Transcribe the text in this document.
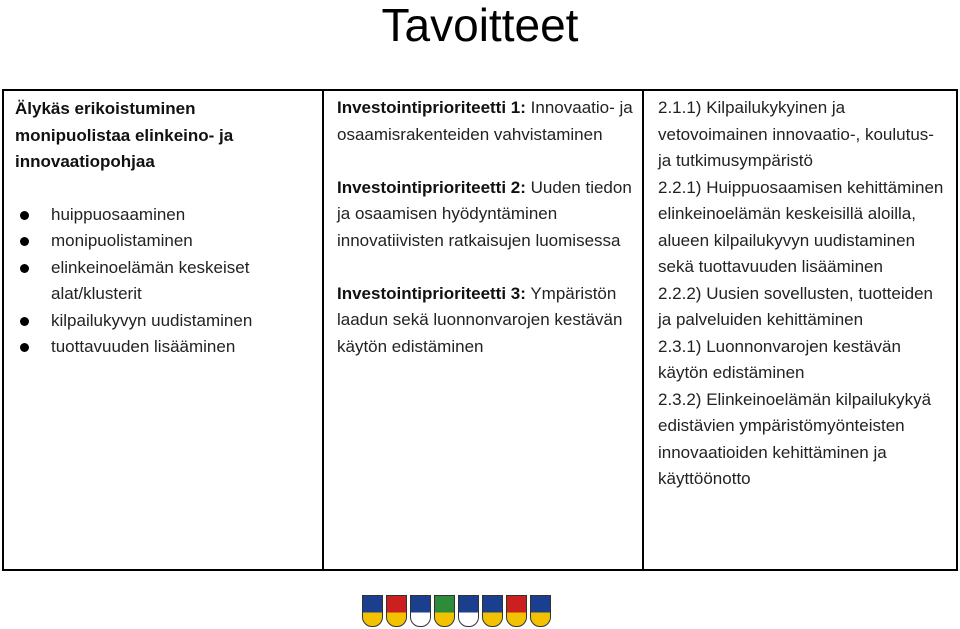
Tavoitteet
Älykäs erikoistuminen
monipuolistaa elinkeino- ja
innovaatiopohjaa
huippuosaaminen
monipuolistaminen
elinkeinoelämän keskeiset alat/klusterit
kilpailukyvyn uudistaminen
tuottavuuden lisääminen
Investointiprioriteetti 1: Innovaatio- ja osaamisrakenteiden vahvistaminen
Investointiprioriteetti 2: Uuden tiedon ja osaamisen hyödyntäminen innovatiivisten ratkaisujen luomisessa
Investointiprioriteetti 3: Ympäristön laadun sekä luonnonvarojen kestävän käytön edistäminen
2.1.1) Kilpailukykyinen ja vetovoimainen innovaatio-, koulutus- ja tutkimusympäristö
2.2.1) Huippuosaamisen kehittäminen elinkeinoelämän keskeisillä aloilla, alueen kilpailukyvyn uudistaminen sekä tuottavuuden lisääminen
2.2.2) Uusien sovellusten, tuotteiden ja palveluiden kehittäminen
2.3.1) Luonnonvarojen kestävän käytön edistäminen
2.3.2) Elinkeinoelämän kilpailukykyä edistävien ympäristömyönteisten innovaatioiden kehittäminen ja käyttöönotto
